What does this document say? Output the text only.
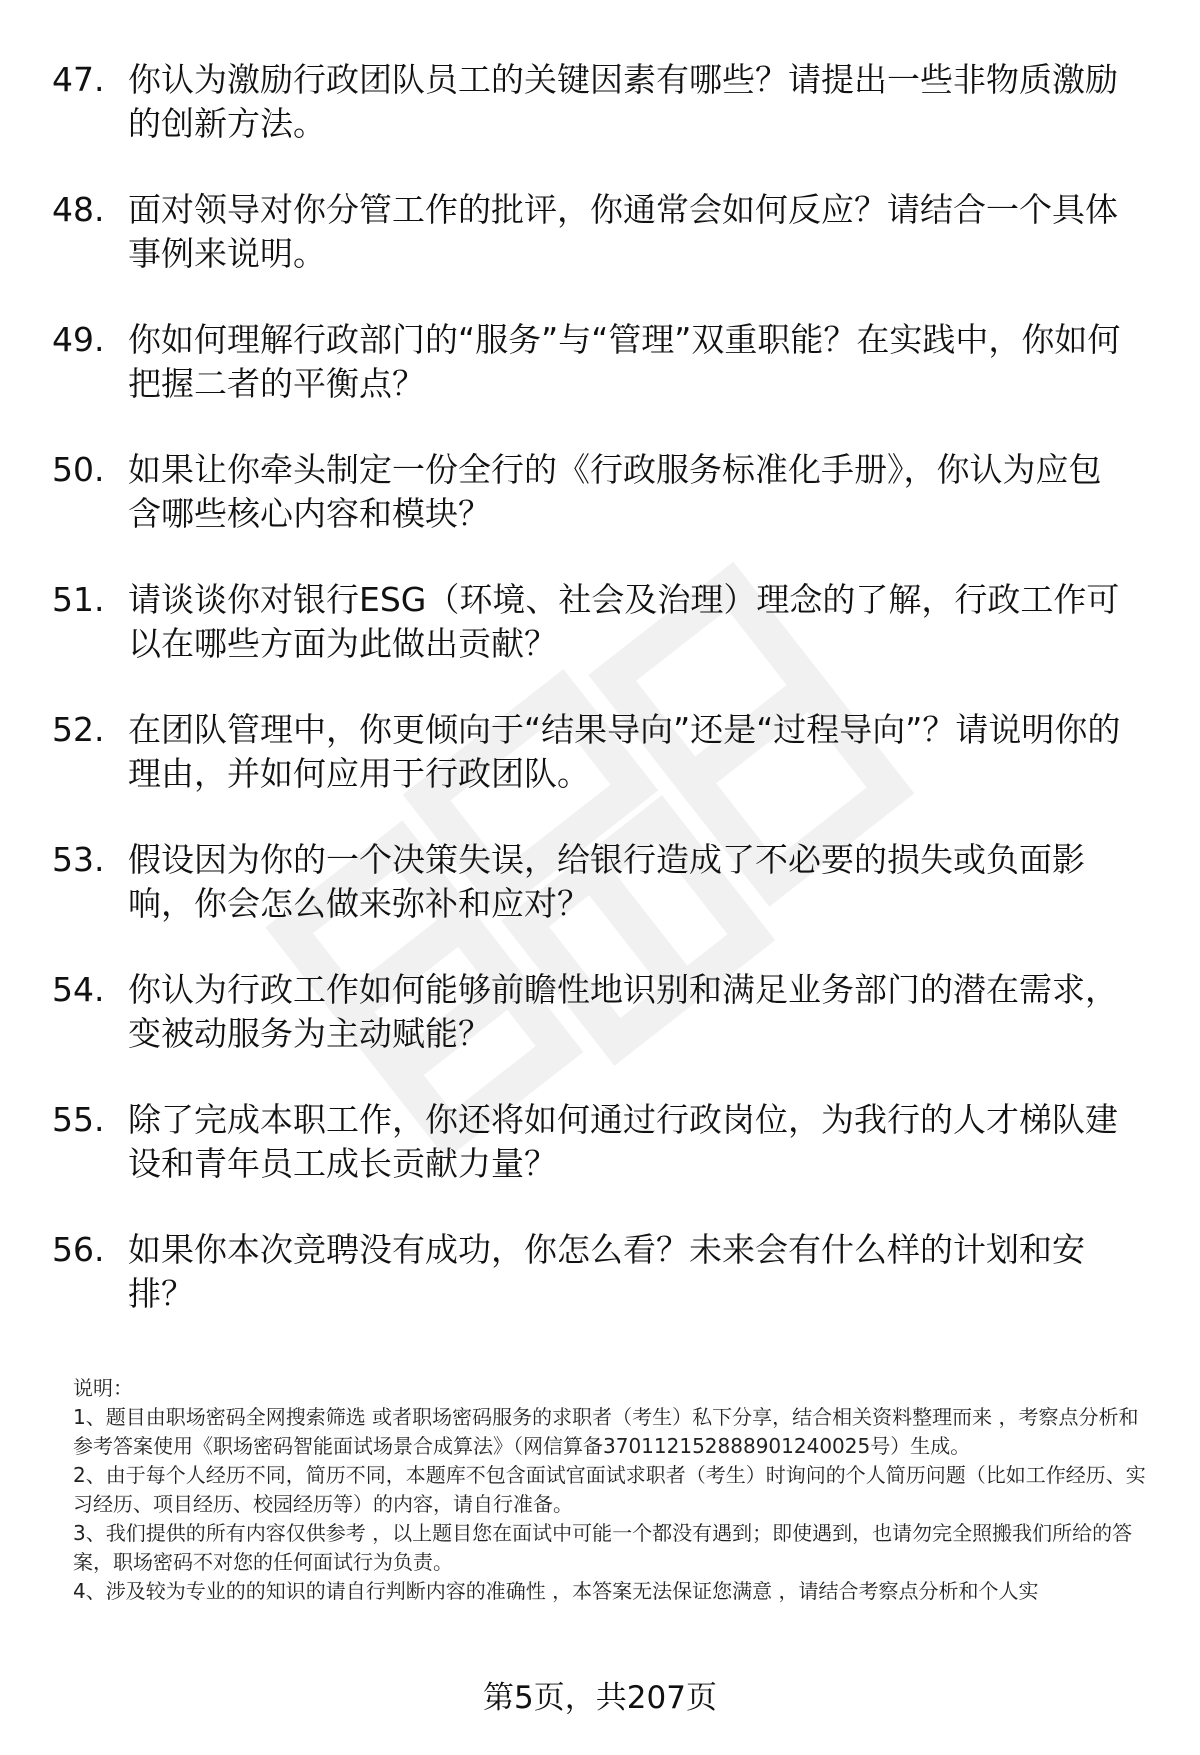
47. 你认为激励行政团队员工的关键因素有哪些？请提出一些非物质激励的创新方法。
48. 面对领导对你分管工作的批评，你通常会如何反应？请结合一个具体事例来说明。
49. 你如何理解行政部门的“服务”与“管理”双重职能？在实践中，你如何把握二者的平衡点？
50. 如果让你牵头制定一份全行的《行政服务标准化手册》，你认为应包含哪些核心内容和模块？
51. 请谈谈你对银行ESG（环境、社会及治理）理念的了解，行政工作可以在哪些方面为此做出贡献？
52. 在团队管理中，你更倾向于“结果导向”还是“过程导向”？请说明你的理由，并如何应用于行政团队。
53. 假设因为你的一个决策失误，给银行造成了不必要的损失或负面影响，你会怎么做来弥补和应对？
54. 你认为行政工作如何能够前瞻性地识别和满足业务部门的潜在需求，变被动服务为主动赋能？
55. 除了完成本职工作，你还将如何通过行政岗位，为我行的人才梯队建设和青年员工成长贡献力量？
56. 如果你本次竞聘没有成功，你怎么看？未来会有什么样的计划和安排？

说明：

1、题目由职场密码全网搜索筛选 或者职场密码服务的求职者（考生）私下分享，结合相关资料整理而来 ，考察点分析和参考答案使用《职场密码智能面试场景合成算法》（网信算备370112152888901240025号）生成。

2、由于每个人经历不同，简历不同，本题库不包含面试官面试求职者（考生）时询问的个人简历问题（比如工作经历、实习经历、项目经历、校园经历等）的内容，请自行准备。

3、我们提供的所有内容仅供参考 ，以上题目您在面试中可能一个都没有遇到；即使遇到，也请勿完全照搬我们所给的答案，职场密码不对您的任何面试行为负责。

4、涉及较为专业的的知识的请自行判断内容的准确性 ，本答案无法保证您满意 ，请结合考察点分析和个人实

第5页，共207页
